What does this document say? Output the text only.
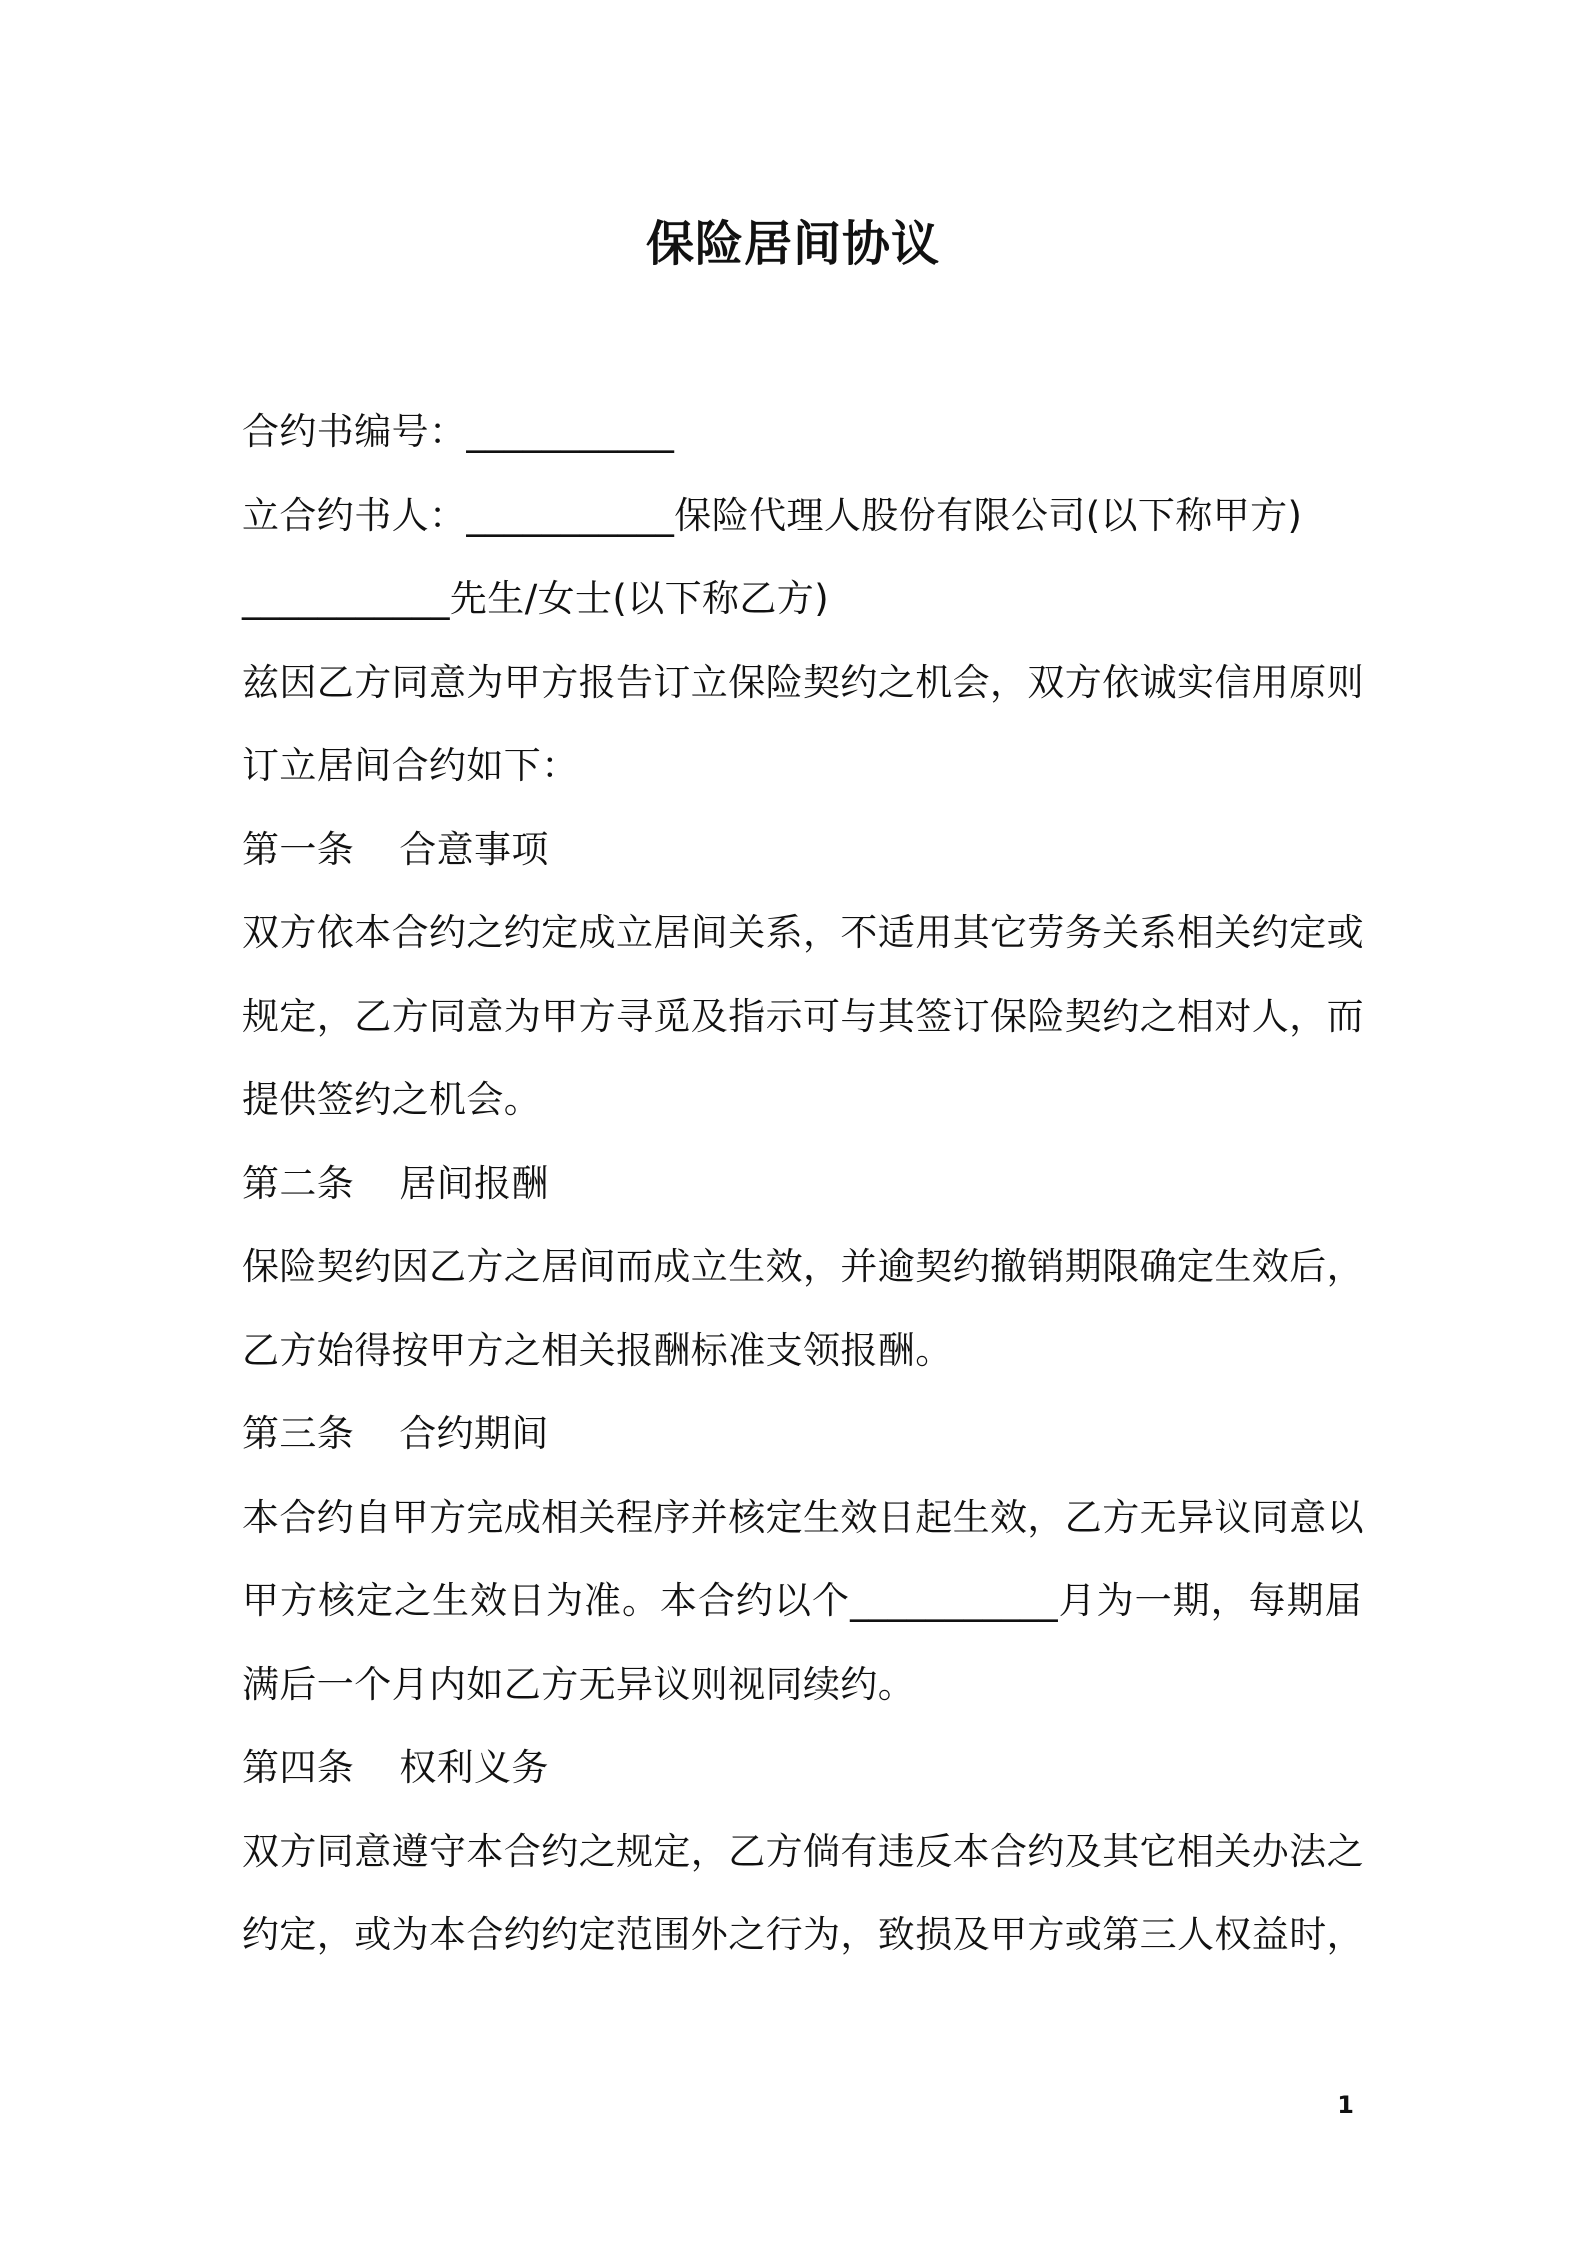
保险居间协议
合约书编号：___________
立合约书人：___________保险代理人股份有限公司(以下称甲方)
___________先生/女士(以下称乙方)
兹因乙方同意为甲方报告订立保险契约之机会，双方依诚实信用原则
订立居间合约如下：
第一条 合意事项
双方依本合约之约定成立居间关系，不适用其它劳务关系相关约定或
规定，乙方同意为甲方寻觅及指示可与其签订保险契约之相对人，而
提供签约之机会。
第二条 居间报酬
保险契约因乙方之居间而成立生效，并逾契约撤销期限确定生效后，
乙方始得按甲方之相关报酬标准支领报酬。
第三条 合约期间
本合约自甲方完成相关程序并核定生效日起生效，乙方无异议同意以
甲方核定之生效日为准。本合约以个___________月为一期，每期届
满后一个月内如乙方无异议则视同续约。
第四条 权利义务
双方同意遵守本合约之规定，乙方倘有违反本合约及其它相关办法之
约定，或为本合约约定范围外之行为，致损及甲方或第三人权益时，
1
